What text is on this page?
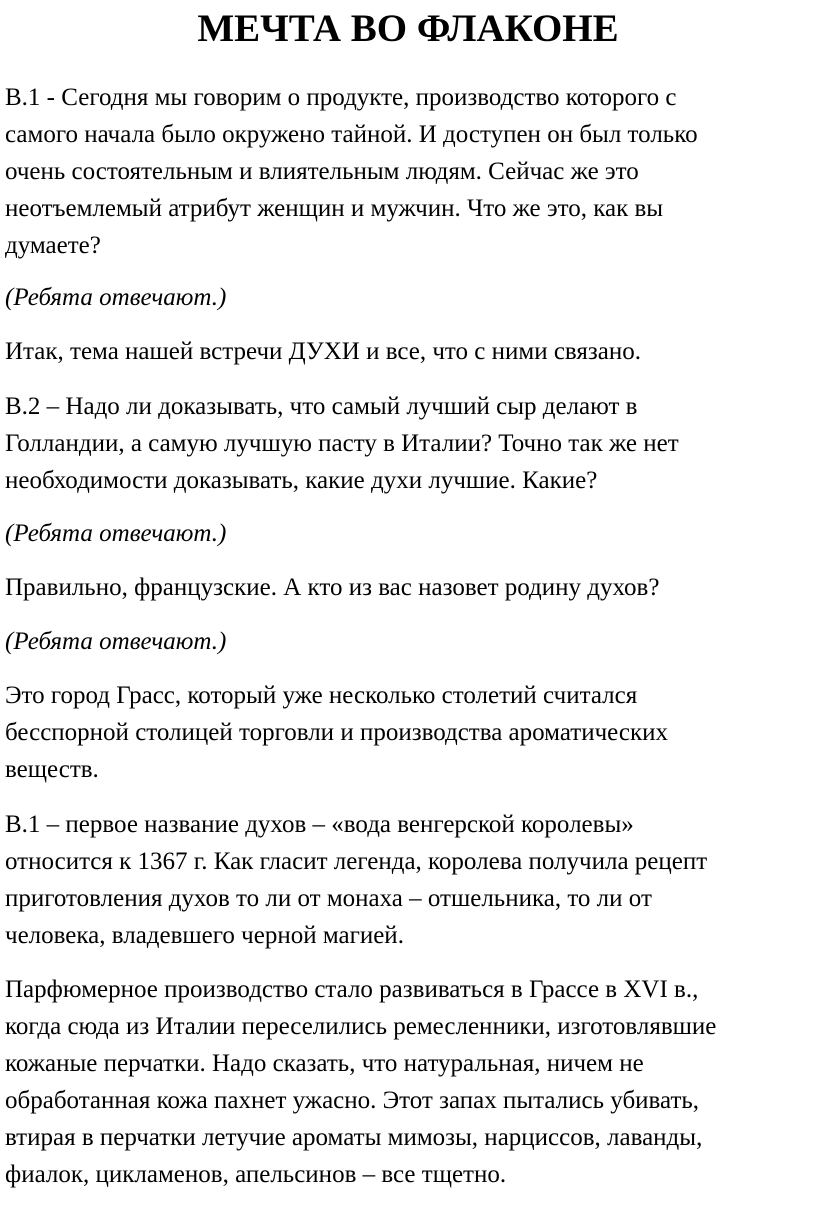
МЕЧТА ВО ФЛАКОНЕ

В.1 - Сегодня мы говорим о продукте, производство которого с
самого начала было окружено тайной. И доступен он был только
очень состоятельным и влиятельным людям. Сейчас же это
неотъемлемый атрибут женщин и мужчин. Что же это, как вы
думаете?

(Ребята отвечают.)

Итак, тема нашей встречи ДУХИ и все, что с ними связано.

В.2 – Надо ли доказывать, что самый лучший сыр делают в
Голландии, а самую лучшую пасту в Италии? Точно так же нет
необходимости доказывать, какие духи лучшие. Какие?

(Ребята отвечают.)

Правильно, французские. А кто из вас назовет родину духов?

(Ребята отвечают.)

Это город Грасс, который уже несколько столетий считался
бесспорной столицей торговли и производства ароматических
веществ.

В.1 – первое название духов – «вода венгерской королевы»
относится к 1367 г. Как гласит легенда, королева получила рецепт
приготовления духов то ли от монаха – отшельника, то ли от
человека, владевшего черной магией.

Парфюмерное производство стало развиваться в Грассе в XVI в.,
когда сюда из Италии переселились ремесленники, изготовлявшие
кожаные перчатки. Надо сказать, что натуральная, ничем не
обработанная кожа пахнет ужасно. Этот запах пытались убивать,
втирая в перчатки летучие ароматы мимозы, нарциссов, лаванды,
фиалок, цикламенов, апельсинов – все тщетно.
